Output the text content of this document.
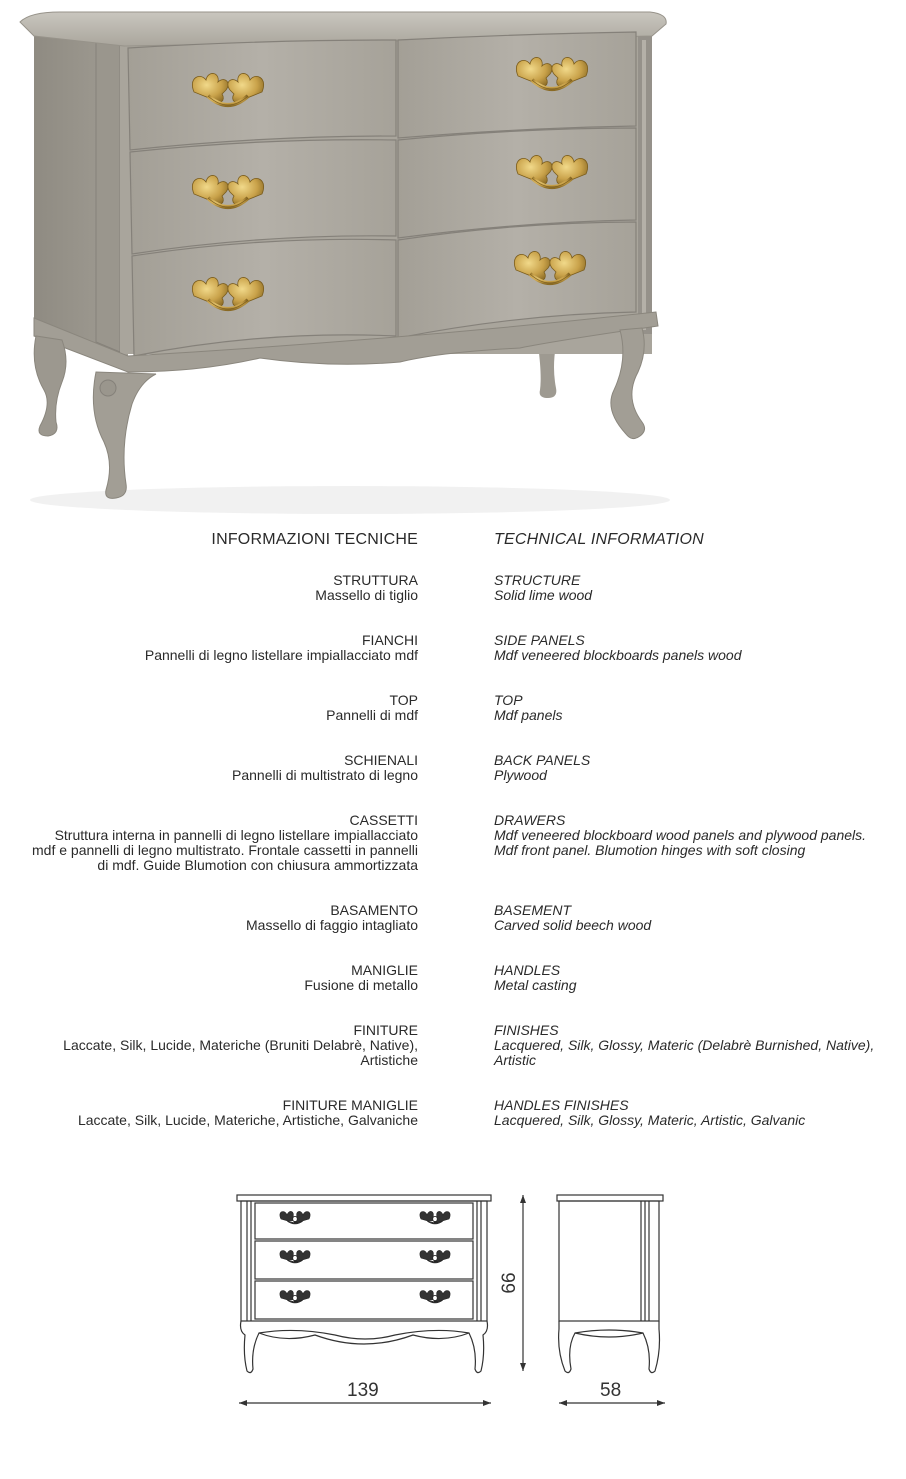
INFORMAZIONI TECNICHE	TECHNICAL INFORMATION
STRUTTURA
Massello di tiglio
STRUCTURE
Solid lime wood
FIANCHI
Pannelli di legno listellare impiallacciato mdf
SIDE PANELS
Mdf veneered blockboards panels wood
TOP
Pannelli di mdf
TOP
Mdf panels
SCHIENALI
Pannelli di multistrato di legno
BACK PANELS
Plywood
CASSETTI
Struttura interna in pannelli di legno listellare impiallacciato
mdf e pannelli di legno multistrato. Frontale cassetti in pannelli
di mdf. Guide Blumotion con chiusura ammortizzata
DRAWERS
Mdf veneered blockboard wood panels and plywood panels.
Mdf front panel. Blumotion hinges with soft closing
BASAMENTO
Massello di faggio intagliato
BASEMENT
Carved solid beech wood
MANIGLIE
Fusione di metallo
HANDLES
Metal casting
FINITURE
Laccate, Silk, Lucide, Materiche (Bruniti Delabrè, Native),
Artistiche
FINISHES
Lacquered, Silk, Glossy, Materic (Delabrè Burnished, Native),
Artistic
FINITURE MANIGLIE
Laccate, Silk, Lucide, Materiche, Artistiche, Galvaniche
HANDLES FINISHES
Lacquered, Silk, Glossy, Materic, Artistic, Galvanic
139
99
58
